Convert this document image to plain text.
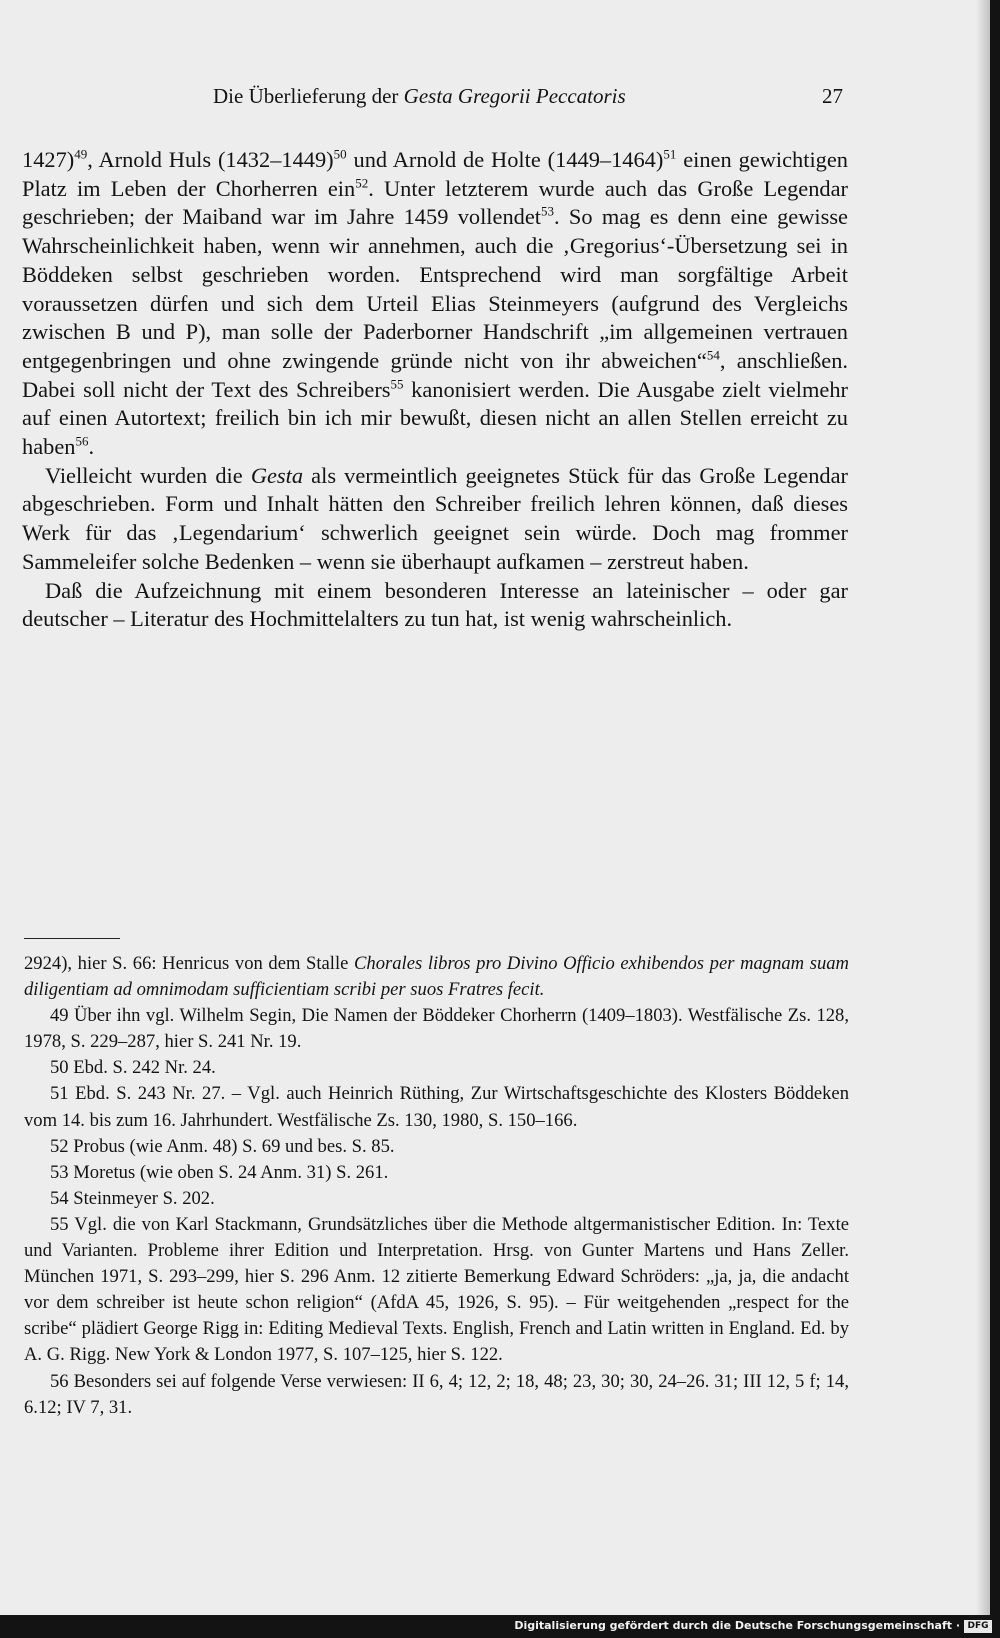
Die Überlieferung der Gesta Gregorii Peccatoris	27

1427)$^{49}$, Arnold Huls (1432–1449)$^{50}$ und Arnold de Holte (1449–1464)$^{51}$ einen gewichtigen Platz im Leben der Chorherren ein$^{52}$. Unter letzterem wurde auch das Große Legendar geschrieben; der Maiband war im Jahre 1459 vollendet$^{53}$. So mag es denn eine gewisse Wahrscheinlichkeit haben, wenn wir annehmen, auch die ‚Gregorius‘-Übersetzung sei in Böddeken selbst geschrieben worden. Entsprechend wird man sorgfältige Arbeit voraussetzen dürfen und sich dem Urteil Elias Steinmeyers (aufgrund des Vergleichs zwischen B und P), man solle der Paderborner Handschrift „im allgemeinen vertrauen entgegenbringen und ohne zwingende gründe nicht von ihr abweichen“$^{54}$, anschließen. Dabei soll nicht der Text des Schreibers$^{55}$ kanonisiert werden. Die Ausgabe zielt vielmehr auf einen Autortext; freilich bin ich mir bewußt, diesen nicht an allen Stellen erreicht zu haben$^{56}$.

Vielleicht wurden die Gesta als vermeintlich geeignetes Stück für das Große Legendar abgeschrieben. Form und Inhalt hätten den Schreiber freilich lehren können, daß dieses Werk für das ‚Legendarium‘ schwerlich geeignet sein würde. Doch mag frommer Sammeleifer solche Bedenken – wenn sie überhaupt aufkamen – zerstreut haben.

Daß die Aufzeichnung mit einem besonderen Interesse an lateinischer – oder gar deutscher – Literatur des Hochmittelalters zu tun hat, ist wenig wahrscheinlich.

2924), hier S. 66: Henricus von dem Stalle Chorales libros pro Divino Officio exhibendos per magnam suam diligentiam ad omnimodam sufficientiam scribi per suos Fratres fecit.

49 Über ihn vgl. Wilhelm Segin, Die Namen der Böddeker Chorherrn (1409–1803). Westfälische Zs. 128, 1978, S. 229–287, hier S. 241 Nr. 19.

50 Ebd. S. 242 Nr. 24.

51 Ebd. S. 243 Nr. 27. – Vgl. auch Heinrich Rüthing, Zur Wirtschaftsgeschichte des Klosters Böddeken vom 14. bis zum 16. Jahrhundert. Westfälische Zs. 130, 1980, S. 150–166.

52 Probus (wie Anm. 48) S. 69 und bes. S. 85.

53 Moretus (wie oben S. 24 Anm. 31) S. 261.

54 Steinmeyer S. 202.

55 Vgl. die von Karl Stackmann, Grundsätzliches über die Methode altgermanistischer Edition. In: Texte und Varianten. Probleme ihrer Edition und Interpretation. Hrsg. von Gunter Martens und Hans Zeller. München 1971, S. 293–299, hier S. 296 Anm. 12 zitierte Bemerkung Edward Schröders: „ja, ja, die andacht vor dem schreiber ist heute schon religion“ (AfdA 45, 1926, S. 95). – Für weitgehenden „respect for the scribe“ plädiert George Rigg in: Editing Medieval Texts. English, French and Latin written in England. Ed. by A. G. Rigg. New York & London 1977, S. 107–125, hier S. 122.

56 Besonders sei auf folgende Verse verwiesen: II 6, 4; 12, 2; 18, 48; 23, 30; 30, 24–26. 31; III 12, 5 f; 14, 6.12; IV 7, 31.

Digitalisierung gefördert durch die Deutsche Forschungsgemeinschaft · DFG
